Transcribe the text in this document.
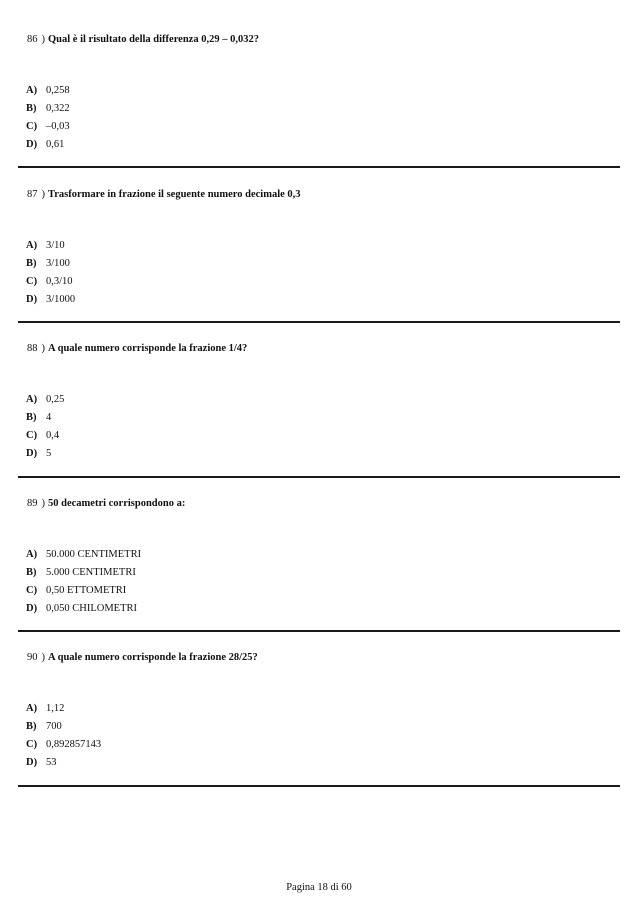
86 ) Qual è il risultato della differenza 0,29 – 0,032?
A) 0,258
B) 0,322
C) –0,03
D) 0,61
87 ) Trasformare in frazione il seguente numero decimale 0,3
A) 3/10
B) 3/100
C) 0,3/10
D) 3/1000
88 ) A quale numero corrisponde la frazione 1/4?
A) 0,25
B) 4
C) 0,4
D) 5
89 ) 50 decametri corrispondono a:
A) 50.000 CENTIMETRI
B) 5.000 CENTIMETRI
C) 0,50 ETTOMETRI
D) 0,050 CHILOMETRI
90 ) A quale numero corrisponde la frazione 28/25?
A) 1,12
B) 700
C) 0,892857143
D) 53
Pagina 18 di 60
